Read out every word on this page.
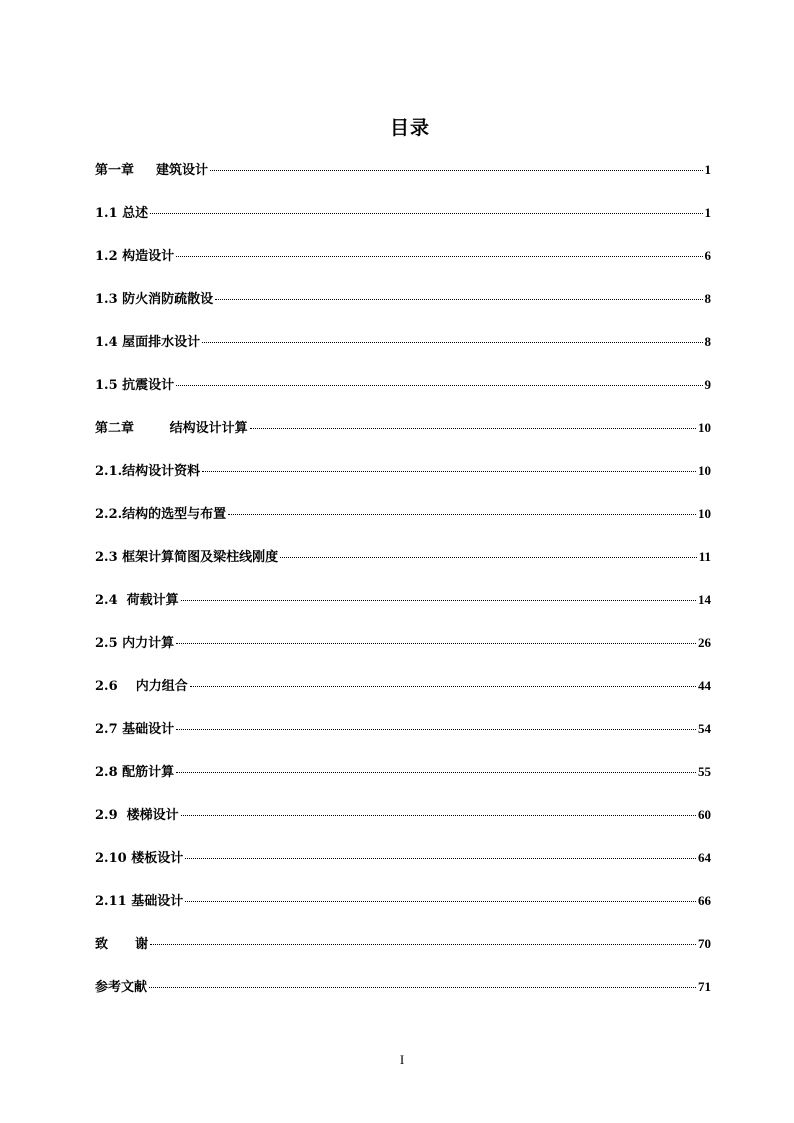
目录
第一章　  建筑设计	1
1.1 总述	1
1.2 构造设计	6
1.3 防火消防疏散设	8
1.4 屋面排水设计	8
1.5 抗震设计	9
第二章　     结构设计计算	10
2.1.结构设计资料	10
2.2.结构的选型与布置	10
2.3 框架计算简图及梁柱线刚度	11
2.4  荷载计算	14
2.5 内力计算	26
2.6    内力组合	44
2.7 基础设计	54
2.8 配筋计算	55
2.9  楼梯设计	60
2.10 楼板设计	64
2.11 基础设计	66
致      谢	70
参考文献	71
I
